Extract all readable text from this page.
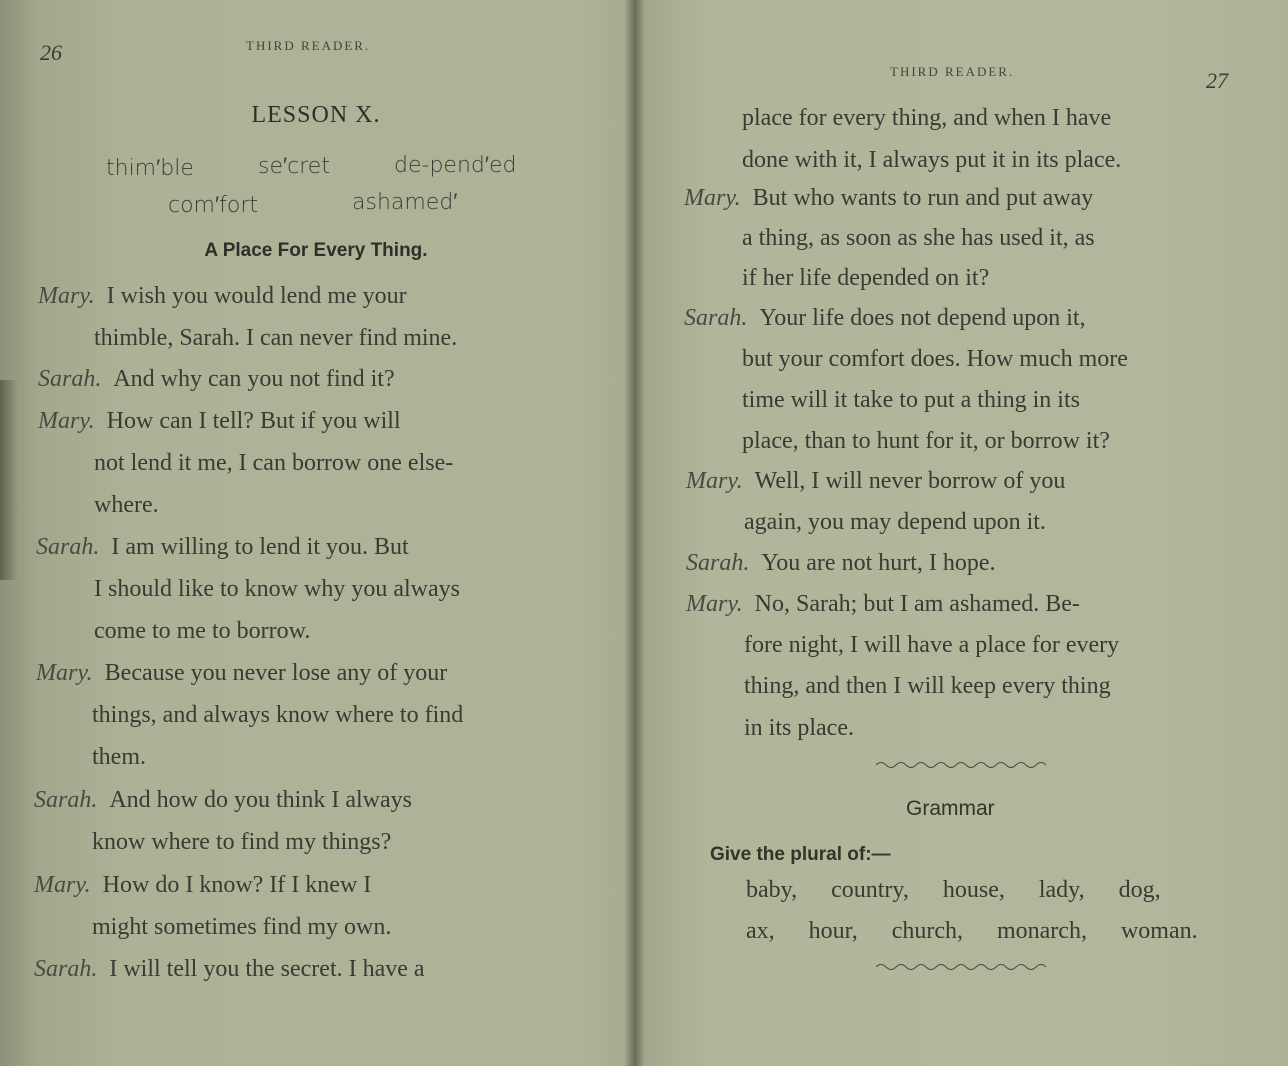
26	THIRD READER.
LESSON X.
thim′ble	se′cret	de-pend′ed
com′fort	ashamed′
A Place For Every Thing.
Mary. I wish you would lend me your
thimble, Sarah. I can never find mine.
Sarah. And why can you not find it?
Mary. How can I tell? But if you will
not lend it me, I can borrow one else-
where.
Sarah. I am willing to lend it you. But
I should like to know why you always
come to me to borrow.
Mary. Because you never lose any of your
things, and always know where to find
them.
Sarah. And how do you think I always
know where to find my things?
Mary. How do I know? If I knew I
might sometimes find my own.
Sarah. I will tell you the secret. I have a
THIRD READER.	27
place for every thing, and when I have
done with it, I always put it in its place.
Mary. But who wants to run and put away
a thing, as soon as she has used it, as
if her life depended on it?
Sarah. Your life does not depend upon it,
but your comfort does. How much more
time will it take to put a thing in its
place, than to hunt for it, or borrow it?
Mary. Well, I will never borrow of you
again, you may depend upon it.
Sarah. You are not hurt, I hope.
Mary. No, Sarah; but I am ashamed. Be-
fore night, I will have a place for every
thing, and then I will keep every thing
in its place.
Grammar
Give the plural of:—
baby, country, house, lady, dog,
ax, hour, church, monarch, woman.
